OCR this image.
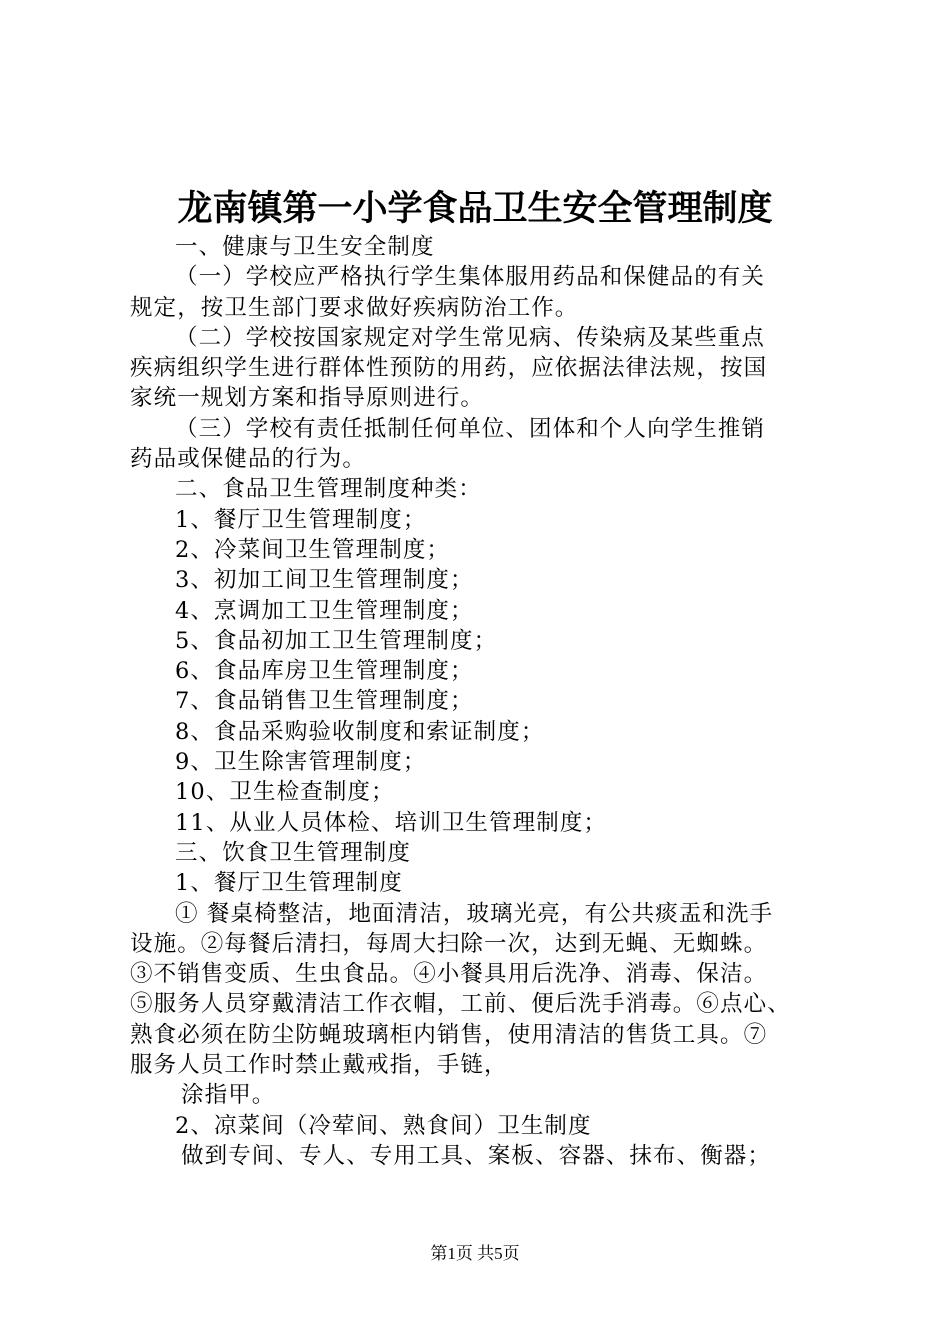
龙南镇第一小学食品卫生安全管理制度
一、健康与卫生安全制度
（一）学校应严格执行学生集体服用药品和保健品的有关
规定，按卫生部门要求做好疾病防治工作。
（二）学校按国家规定对学生常见病、传染病及某些重点
疾病组织学生进行群体性预防的用药，应依据法律法规，按国
家统一规划方案和指导原则进行。
（三）学校有责任抵制任何单位、团体和个人向学生推销
药品或保健品的行为。
二、食品卫生管理制度种类：
1、餐厅卫生管理制度；
2、冷菜间卫生管理制度；
3、初加工间卫生管理制度；
4、烹调加工卫生管理制度；
5、食品初加工卫生管理制度；
6、食品库房卫生管理制度；
7、食品销售卫生管理制度；
8、食品采购验收制度和索证制度；
9、卫生除害管理制度；
10、卫生检查制度；
11、从业人员体检、培训卫生管理制度；
三、饮食卫生管理制度
1、餐厅卫生管理制度
① 餐桌椅整洁，地面清洁，玻璃光亮，有公共痰盂和洗手
设施。②每餐后清扫，每周大扫除一次，达到无蝇、无蜘蛛。
③不销售变质、生虫食品。④小餐具用后洗净、消毒、保洁。
⑤服务人员穿戴清洁工作衣帽，工前、便后洗手消毒。⑥点心、
熟食必须在防尘防蝇玻璃柜内销售，使用清洁的售货工具。⑦
服务人员工作时禁止戴戒指，手链，
涂指甲。
2、凉菜间（冷荤间、熟食间）卫生制度
做到专间、专人、专用工具、案板、容器、抹布、衡器；
第1页 共5页
